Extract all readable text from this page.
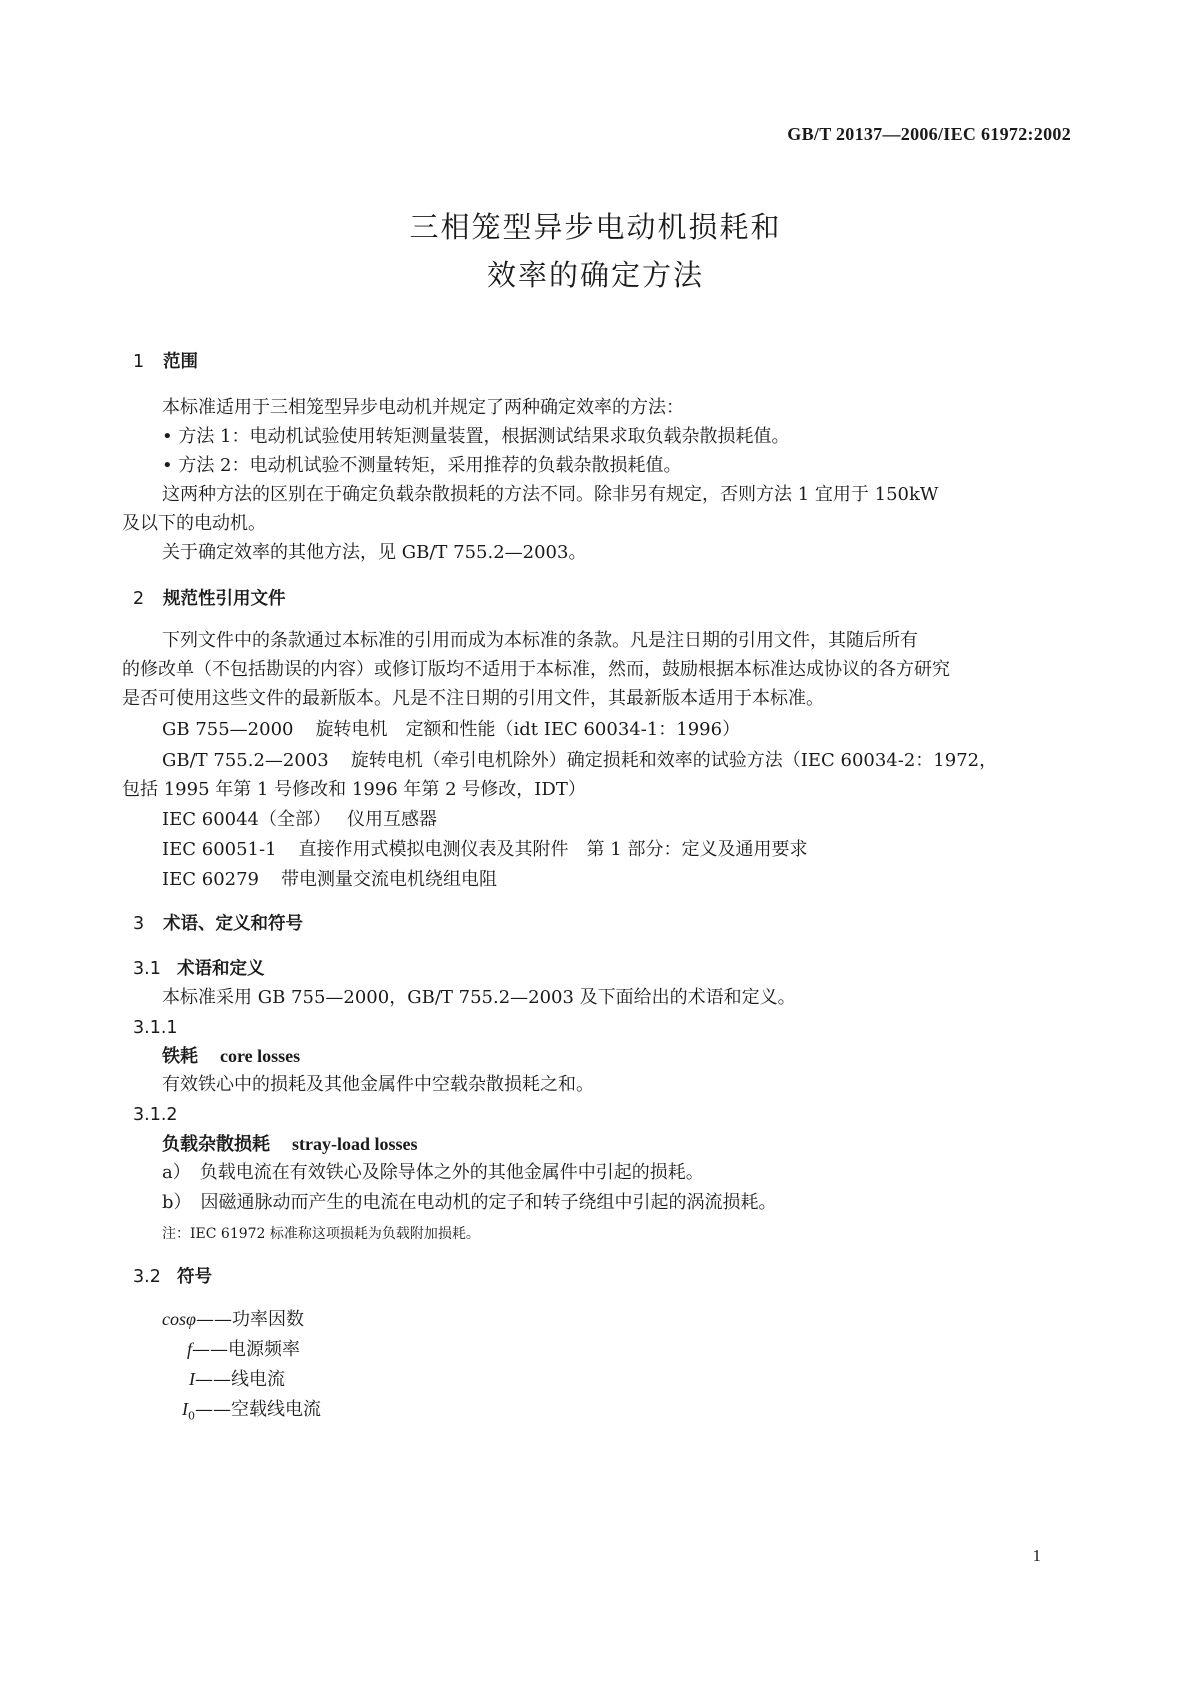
GB/T 20137—2006/IEC 61972:2002
三相笼型异步电动机损耗和
效率的确定方法
1 范围
本标准适用于三相笼型异步电动机并规定了两种确定效率的方法：
• 方法 1：电动机试验使用转矩测量装置，根据测试结果求取负载杂散损耗值。
• 方法 2：电动机试验不测量转矩，采用推荐的负载杂散损耗值。
这两种方法的区别在于确定负载杂散损耗的方法不同。除非另有规定，否则方法 1 宜用于 150kW
及以下的电动机。
关于确定效率的其他方法，见 GB/T 755.2—2003。
2 规范性引用文件
下列文件中的条款通过本标准的引用而成为本标准的条款。凡是注日期的引用文件，其随后所有
的修改单（不包括勘误的内容）或修订版均不适用于本标准，然而，鼓励根据本标准达成协议的各方研究
是否可使用这些文件的最新版本。凡是不注日期的引用文件，其最新版本适用于本标准。
GB 755—2000 旋转电机　定额和性能（idt IEC 60034-1：1996）
GB/T 755.2—2003 旋转电机（牵引电机除外）确定损耗和效率的试验方法（IEC 60034-2：1972，
包括 1995 年第 1 号修改和 1996 年第 2 号修改，IDT）
IEC 60044（全部） 仪用互感器
IEC 60051-1 直接作用式模拟电测仪表及其附件　第 1 部分：定义及通用要求
IEC 60279 带电测量交流电机绕组电阻
3 术语、定义和符号
3.1 术语和定义
本标准采用 GB 755—2000，GB/T 755.2—2003 及下面给出的术语和定义。
3.1.1
铁耗 core losses
有效铁心中的损耗及其他金属件中空载杂散损耗之和。
3.1.2
负载杂散损耗 stray-load losses
a）　负载电流在有效铁心及除导体之外的其他金属件中引起的损耗。
b）　因磁通脉动而产生的电流在电动机的定子和转子绕组中引起的涡流损耗。
注：IEC 61972 标准称这项损耗为负载附加损耗。
3.2 符号
cosφ——功率因数
f——电源频率
I——线电流
$I_0——$空载线电流
1
